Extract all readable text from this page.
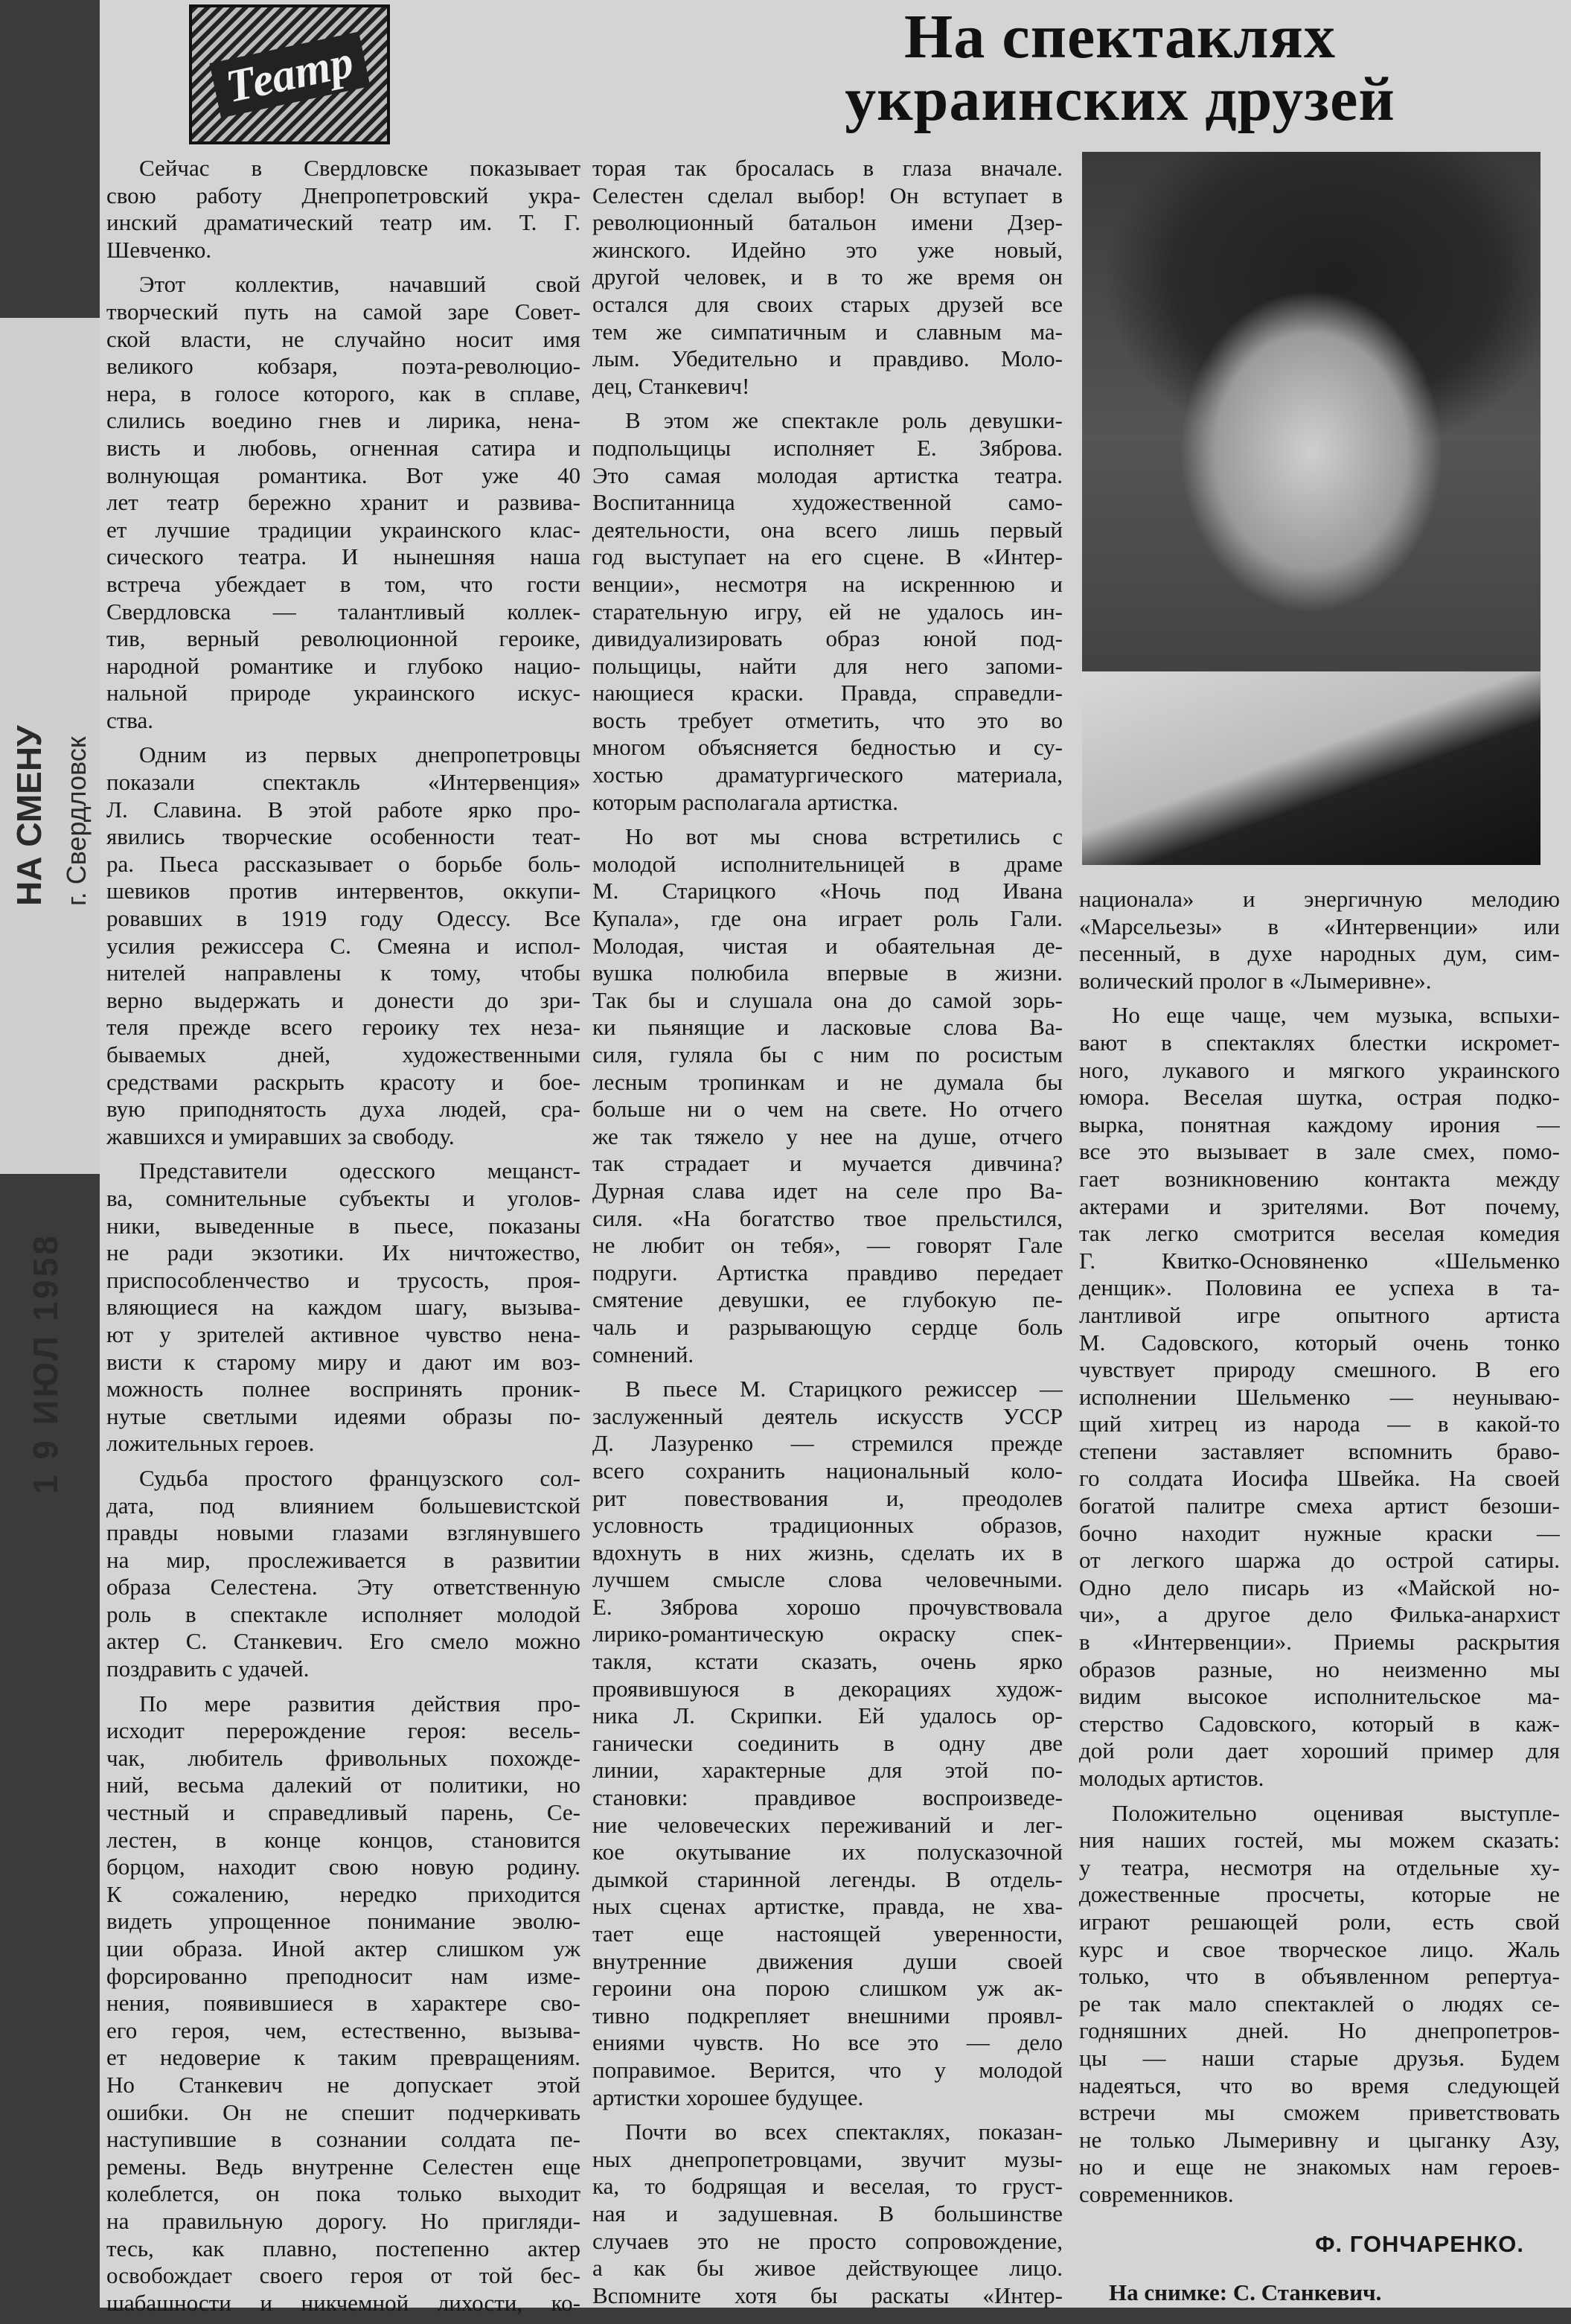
НА СМЕНУ г. Свердловск
1 9 ИЮЛ 1958
Театр	На спектаклях
украинских друзей
Сейчас в Свердловске показывает
свою работу Днепропетровский укра-
инский драматический театр им. Т. Г.
Шевченко.
Этот коллектив, начавший свой
творческий путь на самой заре Совет-
ской власти, не случайно носит имя
великого кобзаря, поэта-революцио-
нера, в голосе которого, как в сплаве,
слились воедино гнев и лирика, нена-
висть и любовь, огненная сатира и
волнующая романтика. Вот уже 40
лет театр бережно хранит и развива-
ет лучшие традиции украинского клас-
сического театра. И нынешняя наша
встреча убеждает в том, что гости
Свердловска — талантливый коллек-
тив, верный революционной героике,
народной романтике и глубоко нацио-
нальной природе украинского искус-
ства.
Одним из первых днепропетровцы
показали спектакль «Интервенция»
Л. Славина. В этой работе ярко про-
явились творческие особенности теат-
ра. Пьеса рассказывает о борьбе боль-
шевиков против интервентов, оккупи-
ровавших в 1919 году Одессу. Все
усилия режиссера С. Смеяна и испол-
нителей направлены к тому, чтобы
верно выдержать и донести до зри-
теля прежде всего героику тех неза-
бываемых дней, художественными
средствами раскрыть красоту и бое-
вую приподнятость духа людей, сра-
жавшихся и умиравших за свободу.
Представители одесского мещанст-
ва, сомнительные субъекты и уголов-
ники, выведенные в пьесе, показаны
не ради экзотики. Их ничтожество,
приспособленчество и трусость, проя-
вляющиеся на каждом шагу, вызыва-
ют у зрителей активное чувство нена-
висти к старому миру и дают им воз-
можность полнее воспринять проник-
нутые светлыми идеями образы по-
ложительных героев.
Судьба простого французского сол-
дата, под влиянием большевистской
правды новыми глазами взглянувшего
на мир, прослеживается в развитии
образа Селестена. Эту ответственную
роль в спектакле исполняет молодой
актер С. Станкевич. Его смело можно
поздравить с удачей.
По мере развития действия про-
исходит перерождение героя: весель-
чак, любитель фривольных похожде-
ний, весьма далекий от политики, но
честный и справедливый парень, Се-
лестен, в конце концов, становится
борцом, находит свою новую родину.
К сожалению, нередко приходится
видеть упрощенное понимание эволю-
ции образа. Иной актер слишком уж
форсированно преподносит нам изме-
нения, появившиеся в характере сво-
его героя, чем, естественно, вызыва-
ет недоверие к таким превращениям.
Но Станкевич не допускает этой
ошибки. Он не спешит подчеркивать
наступившие в сознании солдата пе-
ремены. Ведь внутренне Селестен еще
колеблется, он пока только выходит
на правильную дорогу. Но пригляди-
тесь, как плавно, постепенно актер
освобождает своего героя от той бес-
шабашности и никчемной лихости, ко-
торая так бросалась в глаза вначале.
Селестен сделал выбор! Он вступает в
революционный батальон имени Дзер-
жинского. Идейно это уже новый,
другой человек, и в то же время он
остался для своих старых друзей все
тем же симпатичным и славным ма-
лым. Убедительно и правдиво. Моло-
дец, Станкевич!
В этом же спектакле роль девушки-
подпольщицы исполняет Е. Зяброва.
Это самая молодая артистка театра.
Воспитанница художественной само-
деятельности, она всего лишь первый
год выступает на его сцене. В «Интер-
венции», несмотря на искреннюю и
старательную игру, ей не удалось ин-
дивидуализировать образ юной под-
польщицы, найти для него запоми-
нающиеся краски. Правда, справедли-
вость требует отметить, что это во
многом объясняется бедностью и су-
хостью драматургического материала,
которым располагала артистка.
Но вот мы снова встретились с
молодой исполнительницей в драме
М. Старицкого «Ночь под Ивана
Купала», где она играет роль Гали.
Молодая, чистая и обаятельная де-
вушка полюбила впервые в жизни.
Так бы и слушала она до самой зорь-
ки пьянящие и ласковые слова Ва-
силя, гуляла бы с ним по росистым
лесным тропинкам и не думала бы
больше ни о чем на свете. Но отчего
же так тяжело у нее на душе, отчего
так страдает и мучается дивчина?
Дурная слава идет на селе про Ва-
силя. «На богатство твое прельстился,
не любит он тебя», — говорят Гале
подруги. Артистка правдиво передает
смятение девушки, ее глубокую пе-
чаль и разрывающую сердце боль
сомнений.
В пьесе М. Старицкого режиссер —
заслуженный деятель искусств УССР
Д. Лазуренко — стремился прежде
всего сохранить национальный коло-
рит повествования и, преодолев
условность традиционных образов,
вдохнуть в них жизнь, сделать их в
лучшем смысле слова человечными.
Е. Зяброва хорошо прочувствовала
лирико-романтическую окраску спек-
такля, кстати сказать, очень ярко
проявившуюся в декорациях худож-
ника Л. Скрипки. Ей удалось ор-
ганически соединить в одну две
линии, характерные для этой по-
становки: правдивое воспроизведе-
ние человеческих переживаний и лег-
кое окутывание их полусказочной
дымкой старинной легенды. В отдель-
ных сценах артистке, правда, не хва-
тает еще настоящей уверенности,
внутренние движения души своей
героини она порою слишком уж ак-
тивно подкрепляет внешними проявл-
ениями чувств. Но все это — дело
поправимое. Верится, что у молодой
артистки хорошее будущее.
Почти во всех спектаклях, показан-
ных днепропетровцами, звучит музы-
ка, то бодрящая и веселая, то груст-
ная и задушевная. В большинстве
случаев это не просто сопровождение,
а как бы живое действующее лицо.
Вспомните хотя бы раскаты «Интер-
национала» и энергичную мелодию
«Марсельезы» в «Интервенции» или
песенный, в духе народных дум, сим-
волический пролог в «Лымеривне».
Но еще чаще, чем музыка, вспыхи-
вают в спектаклях блестки искромет-
ного, лукавого и мягкого украинского
юмора. Веселая шутка, острая подко-
вырка, понятная каждому ирония —
все это вызывает в зале смех, помо-
гает возникновению контакта между
актерами и зрителями. Вот почему,
так легко смотрится веселая комедия
Г. Квитко-Основяненко «Шельменко
денщик». Половина ее успеха в та-
лантливой игре опытного артиста
М. Садовского, который очень тонко
чувствует природу смешного. В его
исполнении Шельменко — неунываю-
щий хитрец из народа — в какой-то
степени заставляет вспомнить браво-
го солдата Иосифа Швейка. На своей
богатой палитре смеха артист безоши-
бочно находит нужные краски —
от легкого шаржа до острой сатиры.
Одно дело писарь из «Майской но-
чи», а другое дело Филька-анархист
в «Интервенции». Приемы раскрытия
образов разные, но неизменно мы
видим высокое исполнительское ма-
стерство Садовского, который в каж-
дой роли дает хороший пример для
молодых артистов.
Положительно оценивая выступле-
ния наших гостей, мы можем сказать:
у театра, несмотря на отдельные ху-
дожественные просчеты, которые не
играют решающей роли, есть свой
курс и свое творческое лицо. Жаль
только, что в объявленном репертуа-
ре так мало спектаклей о людях се-
годняшних дней. Но днепропетров-
цы — наши старые друзья. Будем
надеяться, что во время следующей
встречи мы сможем приветствовать
не только Лымеривну и цыганку Азу,
но и еще не знакомых нам героев-
современников.
Ф. ГОНЧАРЕНКО.
На снимке: С. Станкевич.
